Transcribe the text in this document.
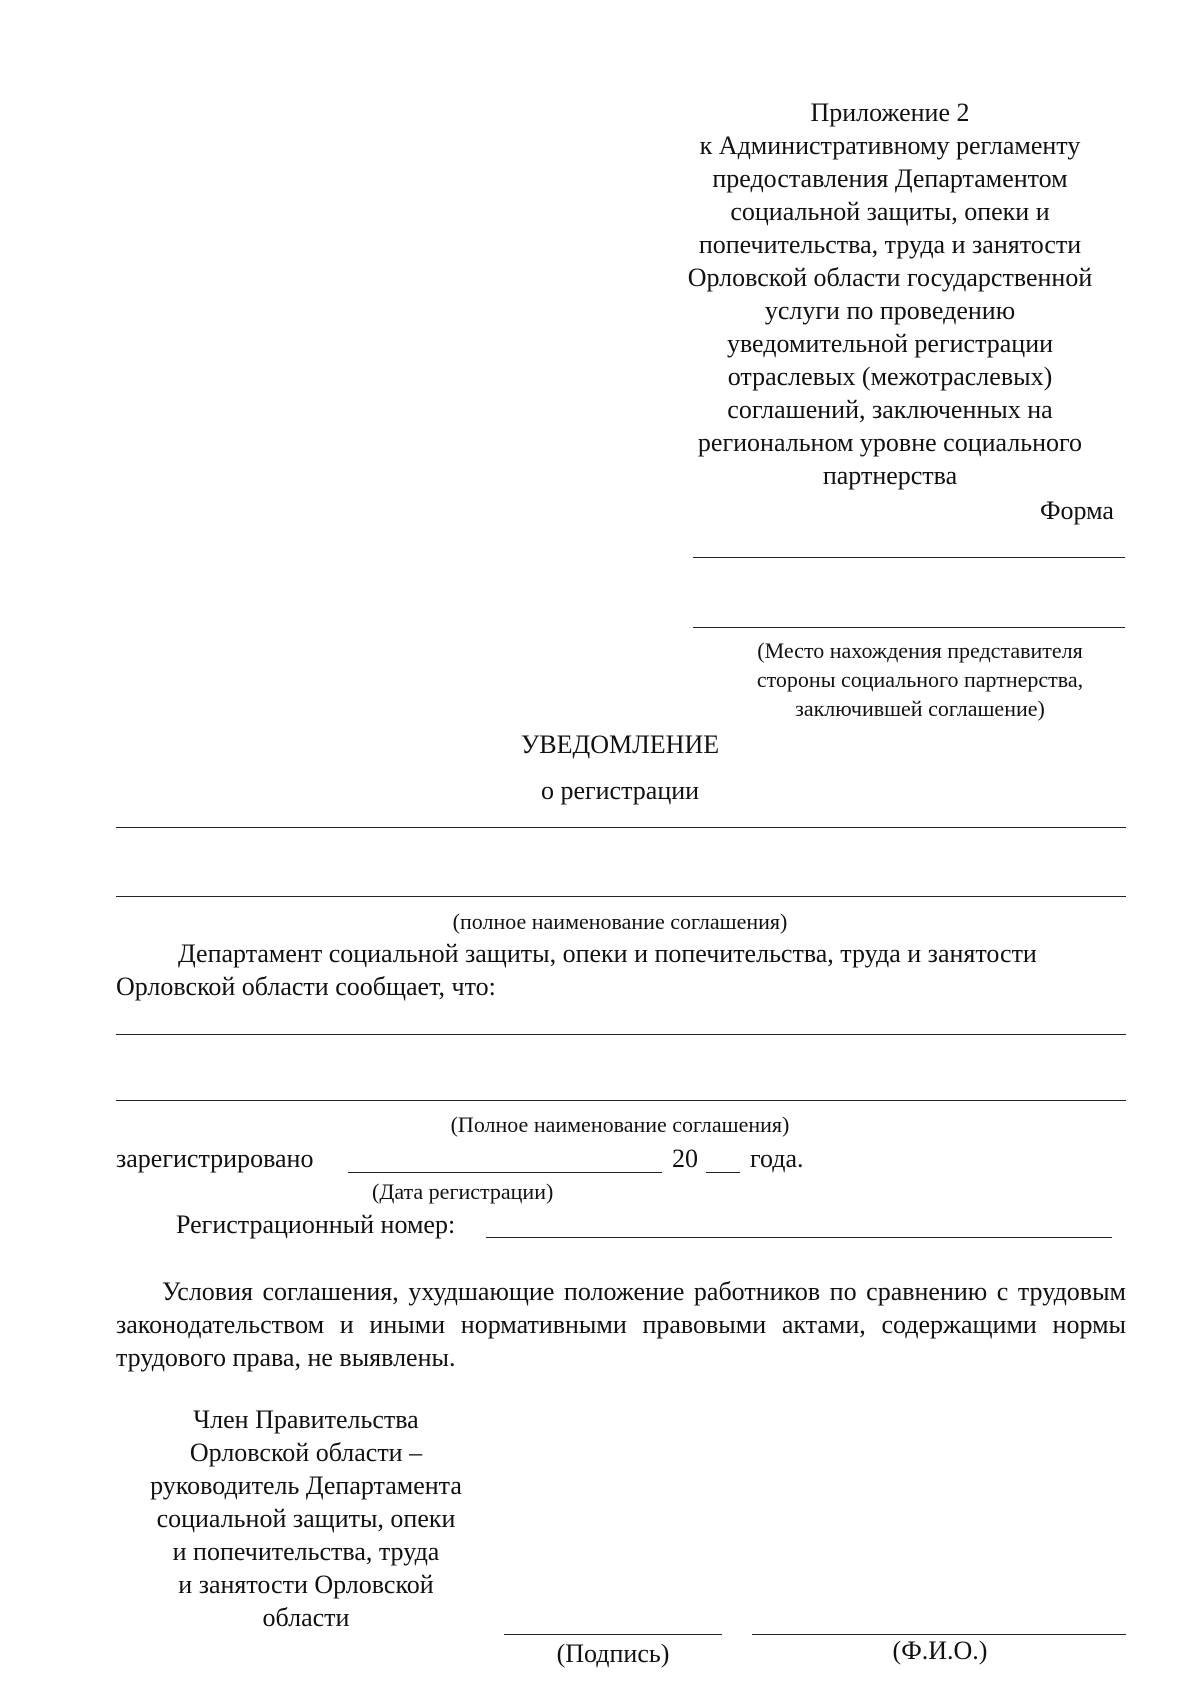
Приложение 2
к Административному регламенту
предоставления Департаментом
социальной защиты, опеки и
попечительства, труда и занятости
Орловской области государственной
услуги по проведению
уведомительной регистрации
отраслевых (межотраслевых)
соглашений, заключенных на
региональном уровне социального
партнерства
Форма
(Место нахождения представителя
стороны социального партнерства,
заключившей соглашение)
УВЕДОМЛЕНИЕ
о регистрации
(полное наименование соглашения)
Департамент социальной защиты, опеки и попечительства, труда и занятости Орловской области сообщает, что:
(Полное наименование соглашения)
зарегистрировано	20 года.
(Дата регистрации)
Регистрационный номер:
Условия соглашения, ухудшающие положение работников по сравнению с трудовым законодательством и иными нормативными правовыми актами, содержащими нормы трудового права, не выявлены.
Член Правительства
Орловской области –
руководитель Департамента
социальной защиты, опеки
и попечительства, труда
и занятости Орловской
области
(Подпись)	(Ф.И.О.)
